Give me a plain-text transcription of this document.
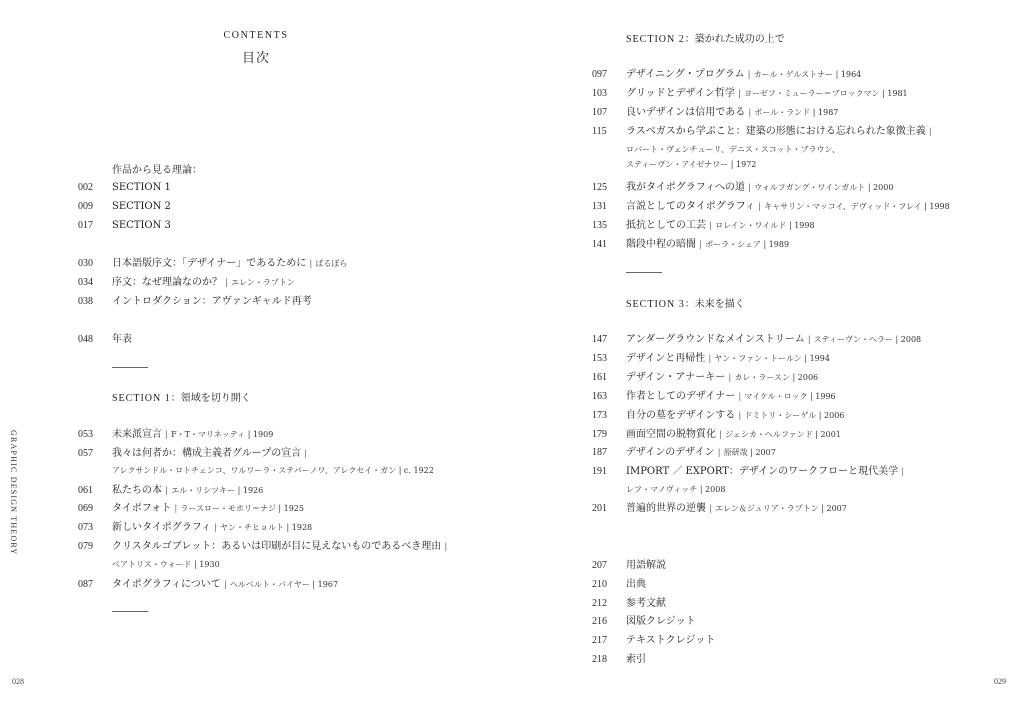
CONTENTS
目次
作品から見る理論：
002	SECTION 1
009	SECTION 2
017	SECTION 3
030	日本語版序文：「デザイナー」であるために | ぱるぼら
034	序文：なぜ理論なのか？ | エレン・ラプトン
038	イントロダクション：アヴァンギャルド再考
048	年表
SECTION 1：領域を切り開く
053	未来派宣言 | F・T・マリネッティ | 1909
057	我々は何者か：構成主義者グループの宣言 |
アレクサンドル・ロトチェンコ、ワルワーラ・ステパーノワ、アレクセイ・ガン | c. 1922
061	私たちの本 | エル・リシツキー | 1926
069	タイポフォト | ラースロー・モホリ＝ナジ | 1925
073	新しいタイポグラフィ | ヤン・チヒョルト | 1928
079	クリスタルゴブレット：あるいは印刷が目に見えないものであるべき理由 |
ベアトリス・ウォード | 1930
087	タイポグラフィについて | ヘルベルト・バイヤー | 1967
GRAPHIC DESIGN THEORY
028
SECTION 2：築かれた成功の上で
097	デザイニング・プログラム | カール・ゲルストナー | 1964
103	グリッドとデザイン哲学 | ヨーゼフ・ミューラー＝ブロックマン | 1981
107	良いデザインは信用である | ポール・ランド | 1987
115	ラスベガスから学ぶこと：建築の形態における忘れられた象徴主義 |
ロバート・ヴェンチューリ、デニス・スコット・ブラウン、
スティーヴン・アイゼナワー | 1972
125	我がタイポグラフィへの道 | ウォルフガング・ワインガルト | 2000
131	言説としてのタイポグラフィ | キャサリン・マッコイ、デヴィッド・フレイ | 1998
135	抵抗としての工芸 | ロレイン・ワイルド | 1998
141	階段中程の暗闇 | ポーラ・シェア | 1989
SECTION 3：未来を描く
147	アンダーグラウンドなメインストリーム | スティーヴン・ヘラー | 2008
153	デザインと再帰性 | ヤン・ファン・トールン | 1994
161	デザイン・アナーキー | カレ・ラースン | 2006
163	作者としてのデザイナー | マイケル・ロック | 1996
173	自分の墓をデザインする | ドミトリ・シーゲル | 2006
179	画面空間の脱物質化 | ジェシカ・ヘルファンド | 2001
187	デザインのデザイン | 原研哉 | 2007
191	IMPORT ／ EXPORT：デザインのワークフローと現代美学 |
レフ・マノヴィッチ | 2008
201	普遍的世界の逆襲 | エレン＆ジュリア・ラプトン | 2007
207	用語解説
210	出典
212	参考文献
216	図版クレジット
217	テキストクレジット
218	索引
029
